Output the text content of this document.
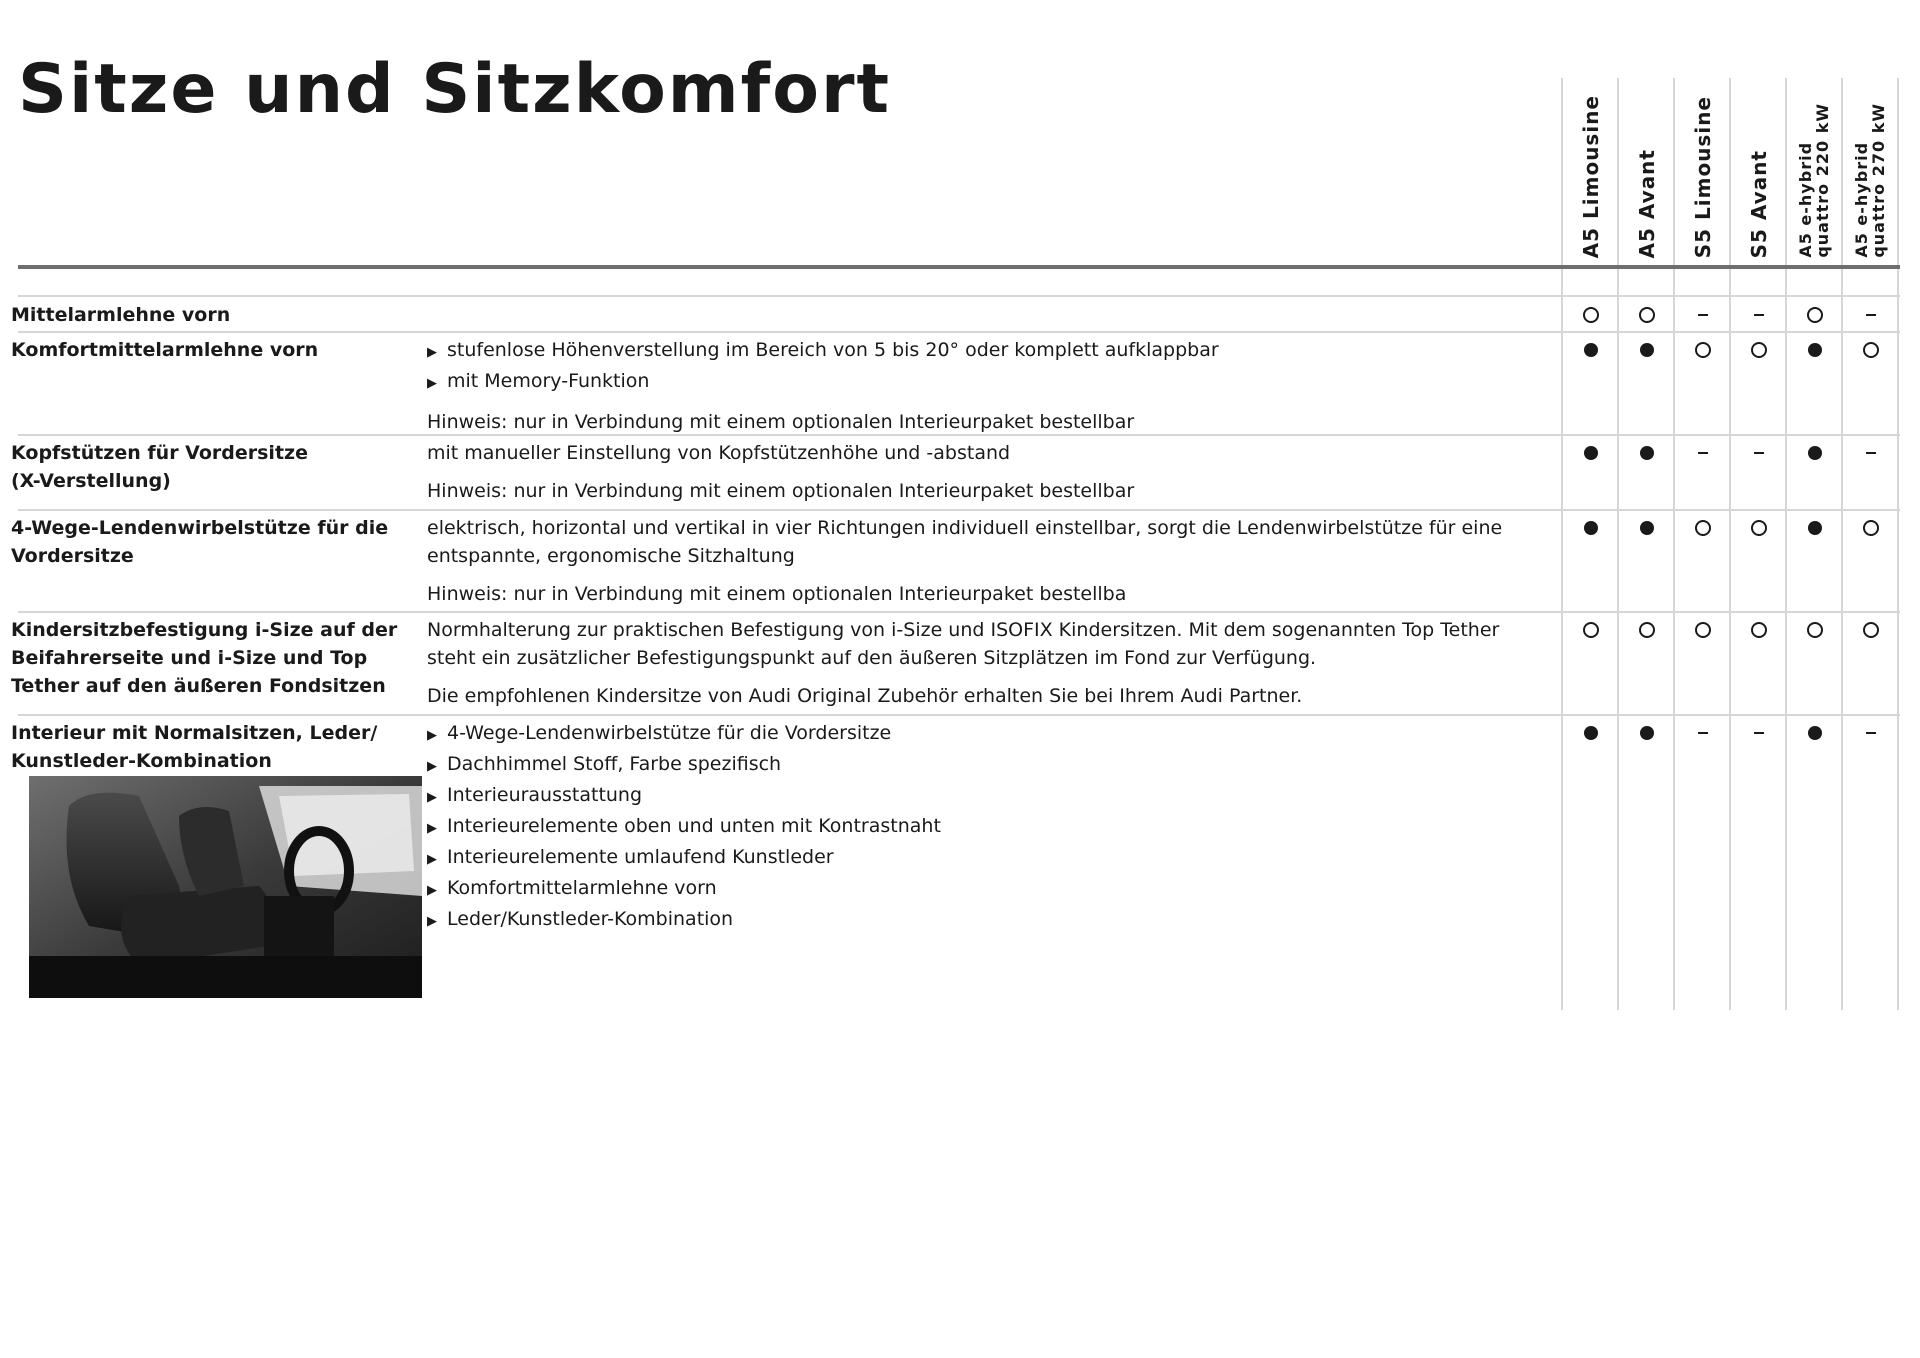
Sitze und Sitzkomfort
A5 Limousine A5 Avant S5 Limousine S5 Avant A5 e-hybrid
quattro 220 kW
A5 e-hybrid
quattro 270 kW
Mittelarmlehne vorn
Komfortmittelarmlehne vorn	▶ stufenlose Höhenverstellung im Bereich von 5 bis 20° oder komplett aufklappbar
▶ mit Memory-Funktion
Hinweis: nur in Verbindung mit einem optionalen Interieurpaket bestellbar
Kopfstützen für Vordersitze (X-Verstellung)
mit manueller Einstellung von Kopfstützenhöhe und -abstand
Hinweis: nur in Verbindung mit einem optionalen Interieurpaket bestellbar
4-Wege-Lendenwirbelstütze für die Vordersitze
elektrisch, horizontal und vertikal in vier Richtungen individuell einstellbar, sorgt die Lendenwirbelstütze für eine entspannte, ergonomische Sitzhaltung
Hinweis: nur in Verbindung mit einem optionalen Interieurpaket bestellba
Kindersitzbefestigung i-Size auf der Beifahrerseite und i-Size und Top Tether auf den äußeren Fondsitzen
Normhalterung zur praktischen Befestigung von i-Size und ISOFIX Kindersitzen. Mit dem sogenannten Top Tether steht ein zusätzlicher Befestigungspunkt auf den äußeren Sitzplätzen im Fond zur Verfügung.
Die empfohlenen Kindersitze von Audi Original Zubehör erhalten Sie bei Ihrem Audi Partner.
Interieur mit Normalsitzen, Leder/ Kunstleder-Kombination
▶ 4-Wege-Lendenwirbelstütze für die Vordersitze
▶ Dachhimmel Stoff, Farbe spezifisch
▶ Interieurausstattung
▶ Interieurelemente oben und unten mit Kontrastnaht
▶ Interieurelemente umlaufend Kunstleder
▶ Komfortmittelarmlehne vorn
▶ Leder/Kunstleder-Kombination
